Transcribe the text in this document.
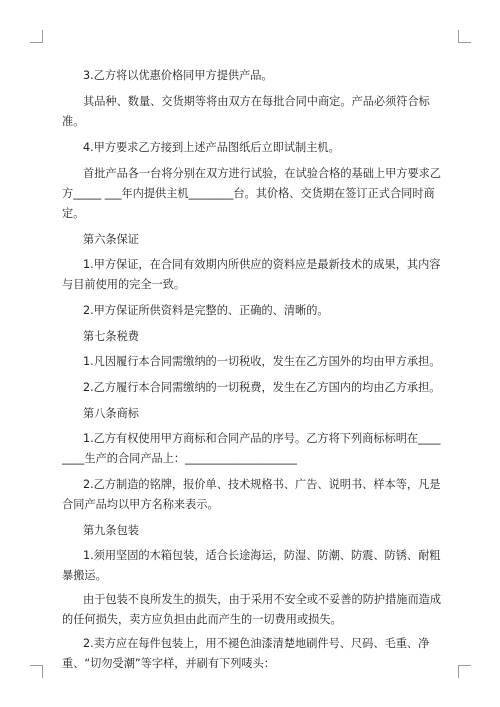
3.乙方将以优惠价格同甲方提供产品。

其品种、数量、交货期等将由双方在每批合同中商定。产品必须符合标准。

4.甲方要求乙方接到上述产品图纸后立即试制主机。

首批产品各一台将分别在双方进行试验，在试验合格的基础上甲方要求乙方_____ ___年内提供主机________台。其价格、交货期在签订正式合同时商定。

第六条保证

1.甲方保证，在合同有效期内所供应的资料应是最新技术的成果，其内容与目前使用的完全一致。

2.甲方保证所供资料是完整的、正确的、清晰的。

第七条税费

1.凡因履行本合同需缴纳的一切税收，发生在乙方国外的均由甲方承担。

2.乙方履行本合同需缴纳的一切税费，发生在乙方国内的均由乙方承担。

第八条商标

1.乙方有权使用甲方商标和合同产品的序号。乙方将下列商标标明在________生产的合同产品上：____________________

2.乙方制造的铭牌，报价单、技术规格书、广告、说明书、样本等，凡是合同产品均以甲方名称来表示。

第九条包装

1.须用坚固的木箱包装，适合长途海运，防湿、防潮、防震、防锈、耐粗暴搬运。

由于包装不良所发生的损失，由于采用不安全或不妥善的防护措施而造成的任何损失，卖方应负担由此而产生的一切费用或损失。

2.卖方应在每件包装上，用不褪色油漆清楚地刷件号、尺码、毛重、净重、“切勿受潮”等字样，并刷有下列唛头：
